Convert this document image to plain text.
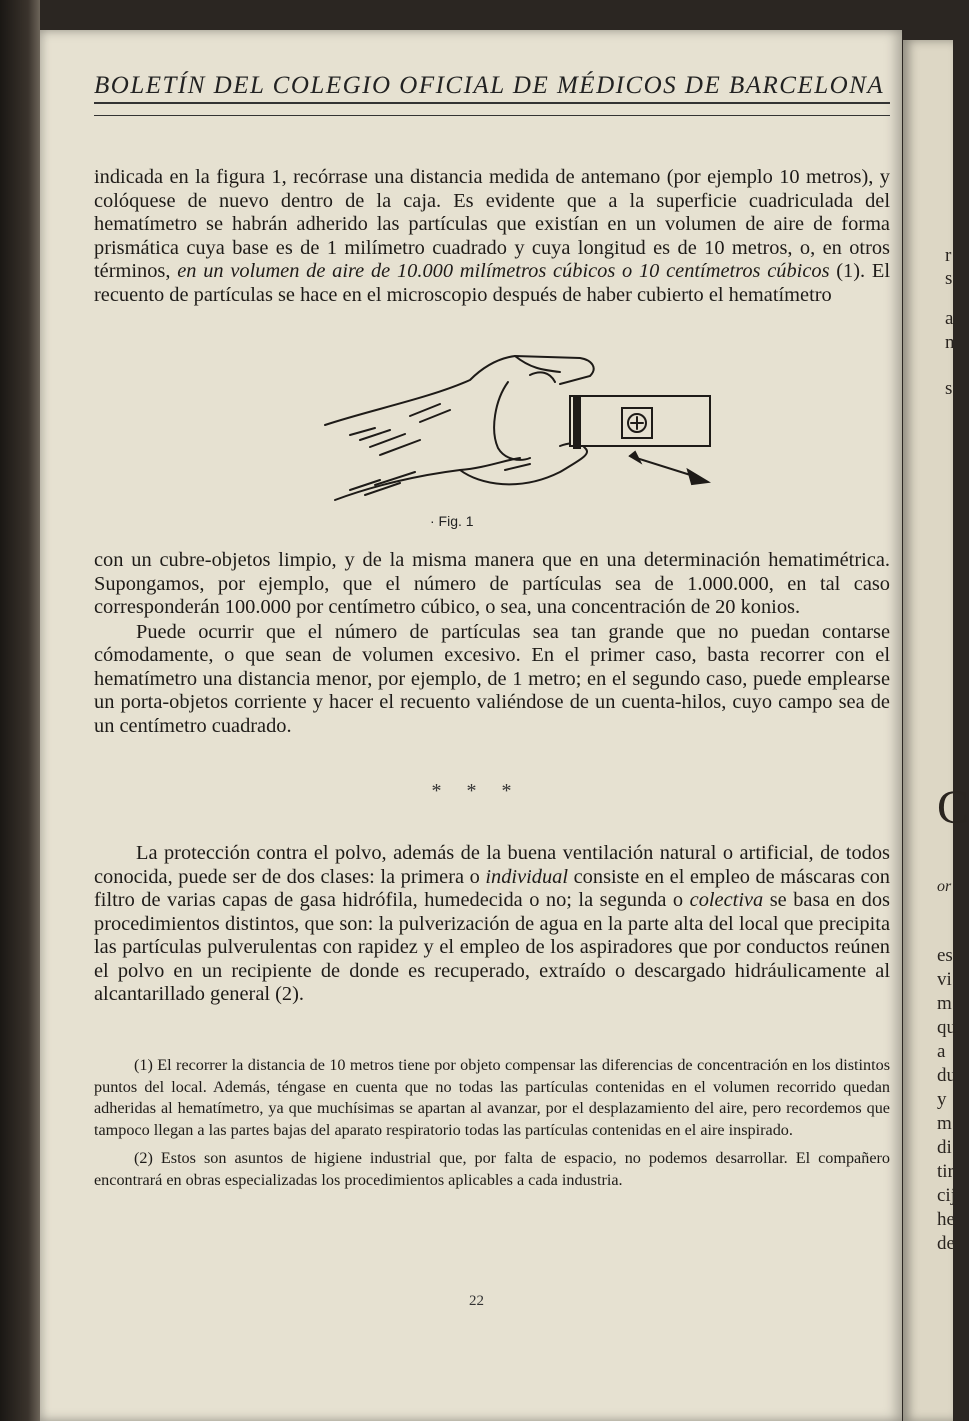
r
s
a
n
s
C
or
es
vi
m
qu
a
du
y
m
di
tir
cij
he
de
BOLETÍN DEL COLEGIO OFICIAL DE MÉDICOS DE BARCELONA

indicada en la figura 1, recórrase una distancia medida de antemano (por ejemplo 10 metros), y colóquese de nuevo dentro de la caja. Es evidente que a la superficie cuadriculada del hematímetro se habrán adherido las partículas que existían en un volumen de aire de forma prismática cuya base es de 1 milímetro cuadrado y cuya longitud es de 10 metros, o, en otros términos, en un volumen de aire de 10.000 milímetros cúbicos o 10 centímetros cúbicos (1). El recuento de partículas se hace en el microscopio después de haber cubierto el hematímetro

· Fig. 1

con un cubre-objetos limpio, y de la misma manera que en una determinación hematimétrica. Supongamos, por ejemplo, que el número de partículas sea de 1.000.000, en tal caso corresponderán 100.000 por centímetro cúbico, o sea, una concentración de 20 konios.

Puede ocurrir que el número de partículas sea tan grande que no puedan contarse cómodamente, o que sean de volumen excesivo. En el primer caso, basta recorrer con el hematímetro una distancia menor, por ejemplo, de 1 metro; en el segundo caso, puede emplearse un porta-objetos corriente y hacer el recuento valiéndose de un cuenta-hilos, cuyo campo sea de un centímetro cuadrado.

* * *

La protección contra el polvo, además de la buena ventilación natural o artificial, de todos conocida, puede ser de dos clases: la primera o individual consiste en el empleo de máscaras con filtro de varias capas de gasa hidrófila, humedecida o no; la segunda o colectiva se basa en dos procedimientos distintos, que son: la pulverización de agua en la parte alta del local que precipita las partículas pulverulentas con rapidez y el empleo de los aspiradores que por conductos reúnen el polvo en un recipiente de donde es recuperado, extraído o descargado hidráulicamente al alcantarillado general (2).

(1) El recorrer la distancia de 10 metros tiene por objeto compensar las diferencias de concentración en los distintos puntos del local. Además, téngase en cuenta que no todas las partículas contenidas en el volumen recorrido quedan adheridas al hematímetro, ya que muchísimas se apartan al avanzar, por el desplazamiento del aire, pero recordemos que tampoco llegan a las partes bajas del aparato respiratorio todas las partículas contenidas en el aire inspirado.

(2) Estos son asuntos de higiene industrial que, por falta de espacio, no podemos desarrollar. El compañero encontrará en obras especializadas los procedimientos aplicables a cada industria.

22
